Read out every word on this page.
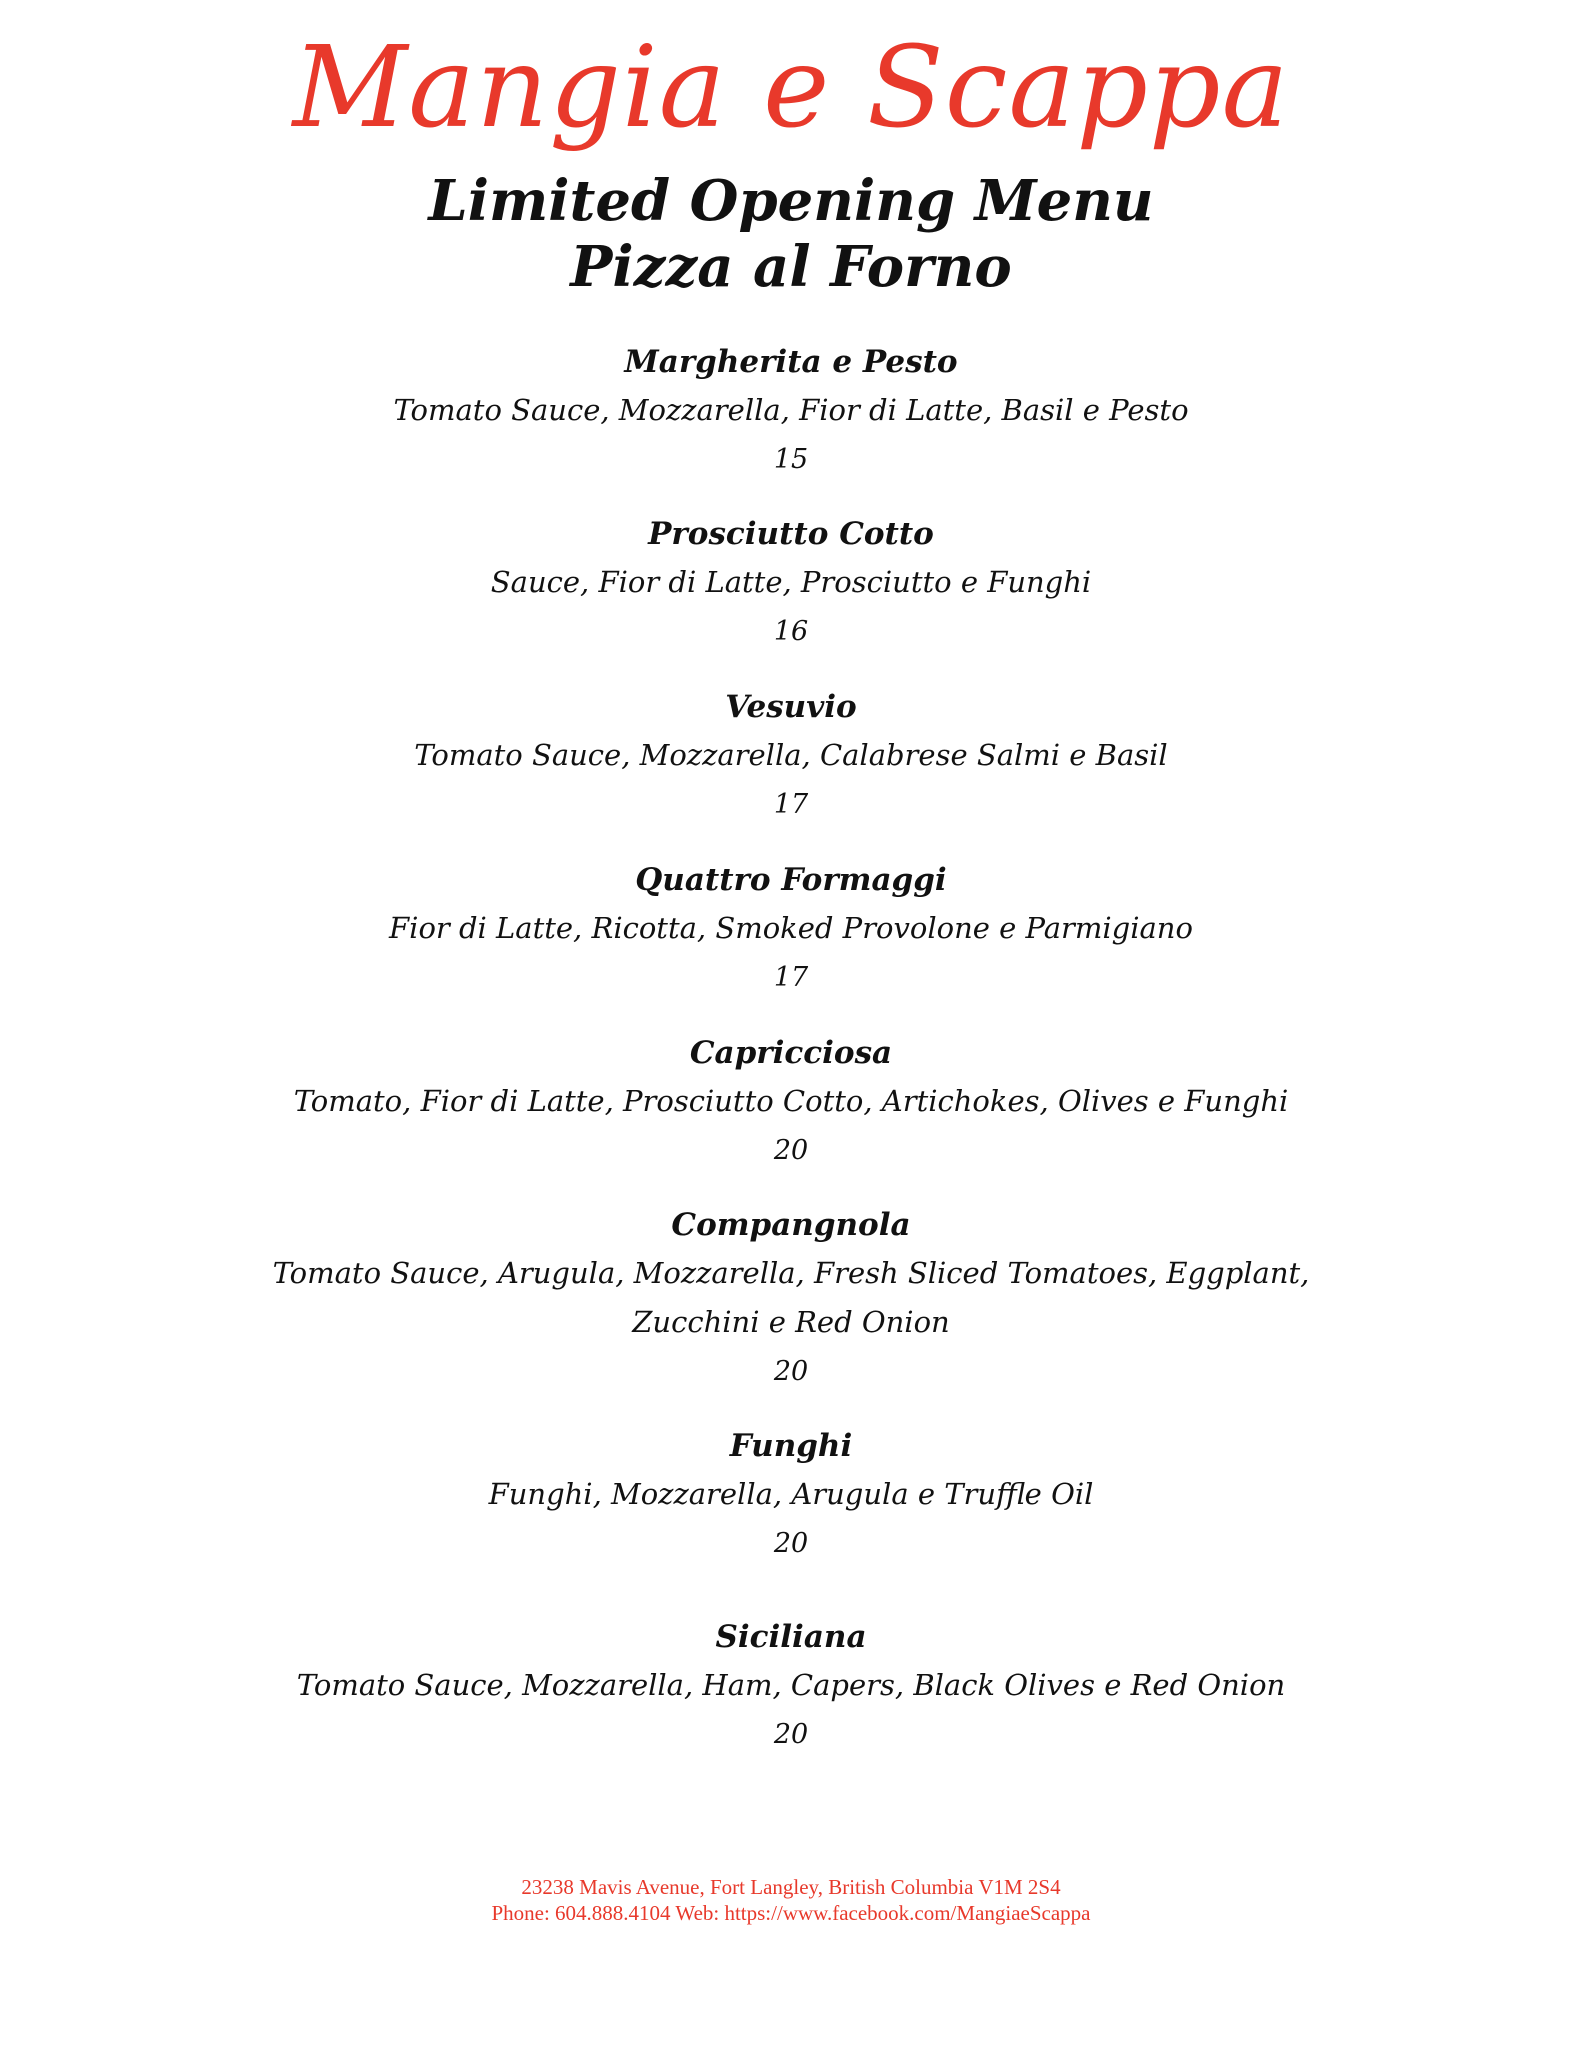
Mangia e Scappa
Limited Opening Menu
Pizza al Forno
Margherita e Pesto
Tomato Sauce, Mozzarella, Fior di Latte, Basil e Pesto
15
Prosciutto Cotto
Sauce, Fior di Latte, Prosciutto e Funghi
16
Vesuvio
Tomato Sauce, Mozzarella, Calabrese Salmi e Basil
17
Quattro Formaggi
Fior di Latte, Ricotta, Smoked Provolone e Parmigiano
17
Capricciosa
Tomato, Fior di Latte, Prosciutto Cotto, Artichokes, Olives e Funghi
20
Compangnola
Tomato Sauce, Arugula, Mozzarella, Fresh Sliced Tomatoes, Eggplant, Zucchini e Red Onion
20
Funghi
Funghi, Mozzarella, Arugula e Truffle Oil
20
Siciliana
Tomato Sauce, Mozzarella, Ham, Capers, Black Olives e Red Onion
20
23238 Mavis Avenue, Fort Langley, British Columbia V1M 2S4
Phone: 604.888.4104 Web: https://www.facebook.com/MangiaeScappa
